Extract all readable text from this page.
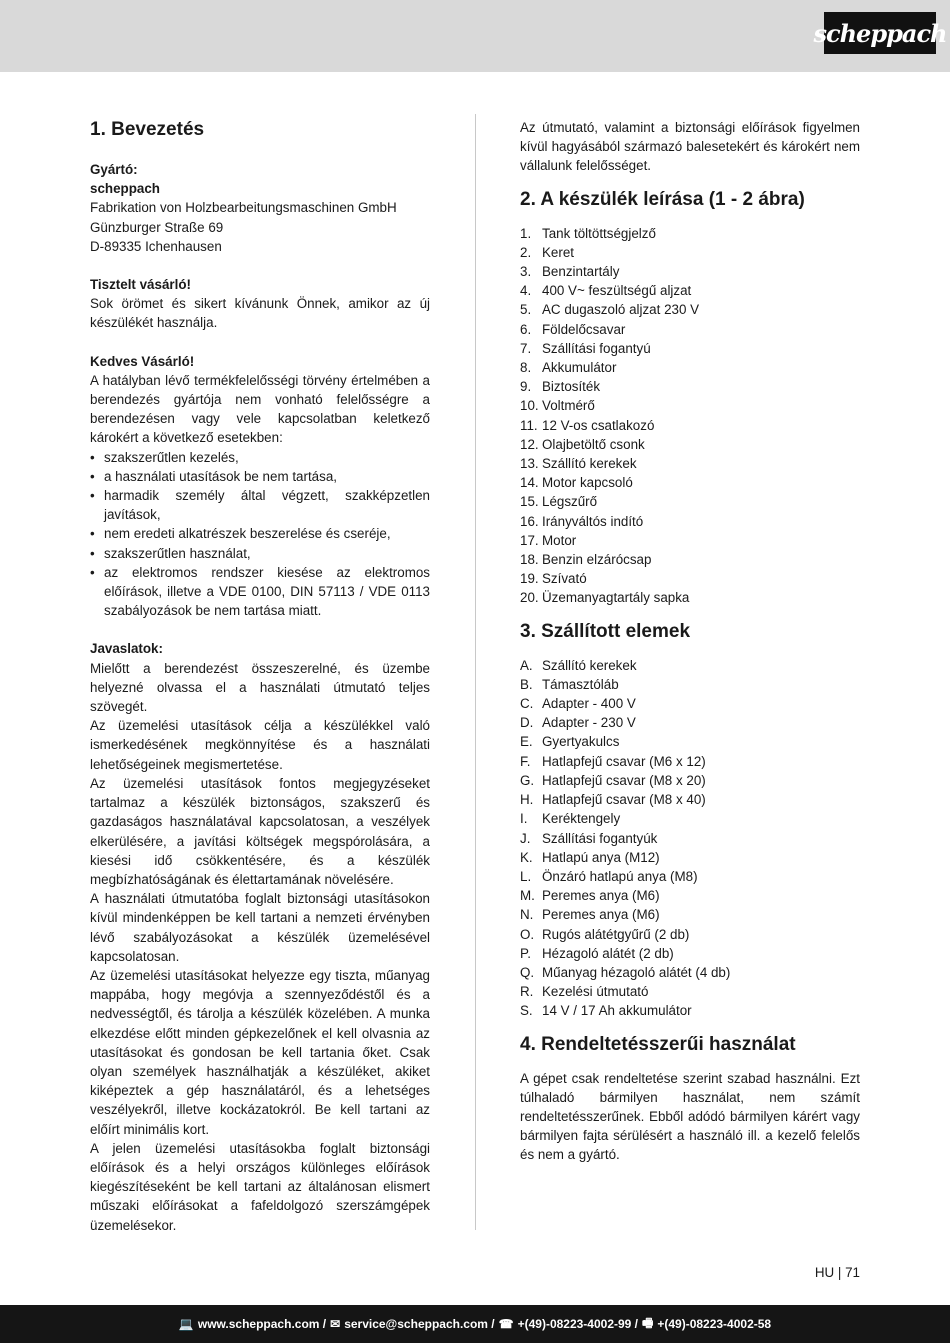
scheppach
1. Bevezetés

Gyártó:

scheppach

Fabrikation von Holzbearbeitungsmaschinen GmbH

Günzburger Straße 69

D-89335 Ichenhausen

Tisztelt vásárló!

Sok örömet és sikert kívánunk Önnek, amikor az új készülékét használja.

Kedves Vásárló!

A hatályban lévő termékfelelősségi törvény értelmében a berendezés gyártója nem vonható felelősségre a berendezésen vagy vele kapcsolatban keletkező károkért a következő esetekben:

• szakszerűtlen kezelés,
• a használati utasítások be nem tartása,
• harmadik személy által végzett, szakképzetlen javítások,
• nem eredeti alkatrészek beszerelése és cseréje,
• szakszerűtlen használat,
• az elektromos rendszer kiesése az elektromos előírások, illetve a VDE 0100, DIN 57113 / VDE 0113 szabályozások be nem tartása miatt.

Javaslatok:

Mielőtt a berendezést összeszerelné, és üzembe helyezné olvassa el a használati útmutató teljes szövegét.

Az üzemelési utasítások célja a készülékkel való ismerkedésének megkönnyítése és a használati lehetőségeinek megismertetése.

Az üzemelési utasítások fontos megjegyzéseket tartalmaz a készülék biztonságos, szakszerű és gazdaságos használatával kapcsolatosan, a veszélyek elkerülésére, a javítási költségek megspórolására, a kiesési idő csökkentésére, és a készülék megbízhatóságának és élettartamának növelésére.

A használati útmutatóba foglalt biztonsági utasításokon kívül mindenképpen be kell tartani a nemzeti érvényben lévő szabályozásokat a készülék üzemelésével kapcsolatosan.

Az üzemelési utasításokat helyezze egy tiszta, műanyag mappába, hogy megóvja a szennyeződéstől és a nedvességtől, és tárolja a készülék közelében. A munka elkezdése előtt minden gépkezelőnek el kell olvasnia az utasításokat és gondosan be kell tartania őket. Csak olyan személyek használhatják a készüléket, akiket kiképeztek a gép használatáról, és a lehetséges veszélyekről, illetve kockázatokról. Be kell tartani az előírt minimális kort.

A jelen üzemelési utasításokba foglalt biztonsági előírások és a helyi országos különleges előírások kiegészítéseként be kell tartani az általánosan elismert műszaki előírásokat a fafeldolgozó szerszámgépek üzemelésekor.

Az útmutató, valamint a biztonsági előírások figyelmen kívül hagyásából származó balesetekért és károkért nem vállalunk felelősséget.

2. A készülék leírása (1 - 2 ábra)
1. Tank töltöttségjelző
2. Keret
3. Benzintartály
4. 400 V~ feszültségű aljzat
5. AC dugaszoló aljzat 230 V
6. Földelőcsavar
7. Szállítási fogantyú
8. Akkumulátor
9. Biztosíték
10. Voltmérő
11. 12 V-os csatlakozó
12. Olajbetöltő csonk
13. Szállító kerekek
14. Motor kapcsoló
15. Légszűrő
16. Irányváltós indító
17. Motor
18. Benzin elzárócsap
19. Szívató
20. Üzemanyagtartály sapka
3. Szállított elemek
A. Szállító kerekek
B. Támasztóláb
C. Adapter - 400 V
D. Adapter - 230 V
E. Gyertyakulcs
F. Hatlapfejű csavar (M6 x 12)
G. Hatlapfejű csavar (M8 x 20)
H. Hatlapfejű csavar (M8 x 40)
I.	Keréktengely
J. Szállítási fogantyúk
K. Hatlapú anya (M12)
L. Önzáró hatlapú anya (M8)
M. Peremes anya (M6)
N. Peremes anya (M6)
O. Rugós alátétgyűrű (2 db)
P. Hézagoló alátét (2 db)
Q. Műanyag hézagoló alátét (4 db)
R. Kezelési útmutató
S. 14 V / 17 Ah akkumulátor
4. Rendeltetésszerűi használat

A gépet csak rendeltetése szerint szabad használni. Ezt túlhaladó bármilyen használat, nem számít rendeltetésszerűnek. Ebből adódó bármilyen kárért vagy bármilyen fajta sérülésért a használó ill. a kezelő felelős és nem a gyártó.

HU | 71
💻 www.scheppach.com / ✉ service@scheppach.com / ☎ +(49)-08223-4002-99 / 🖷 +(49)-08223-4002-58
